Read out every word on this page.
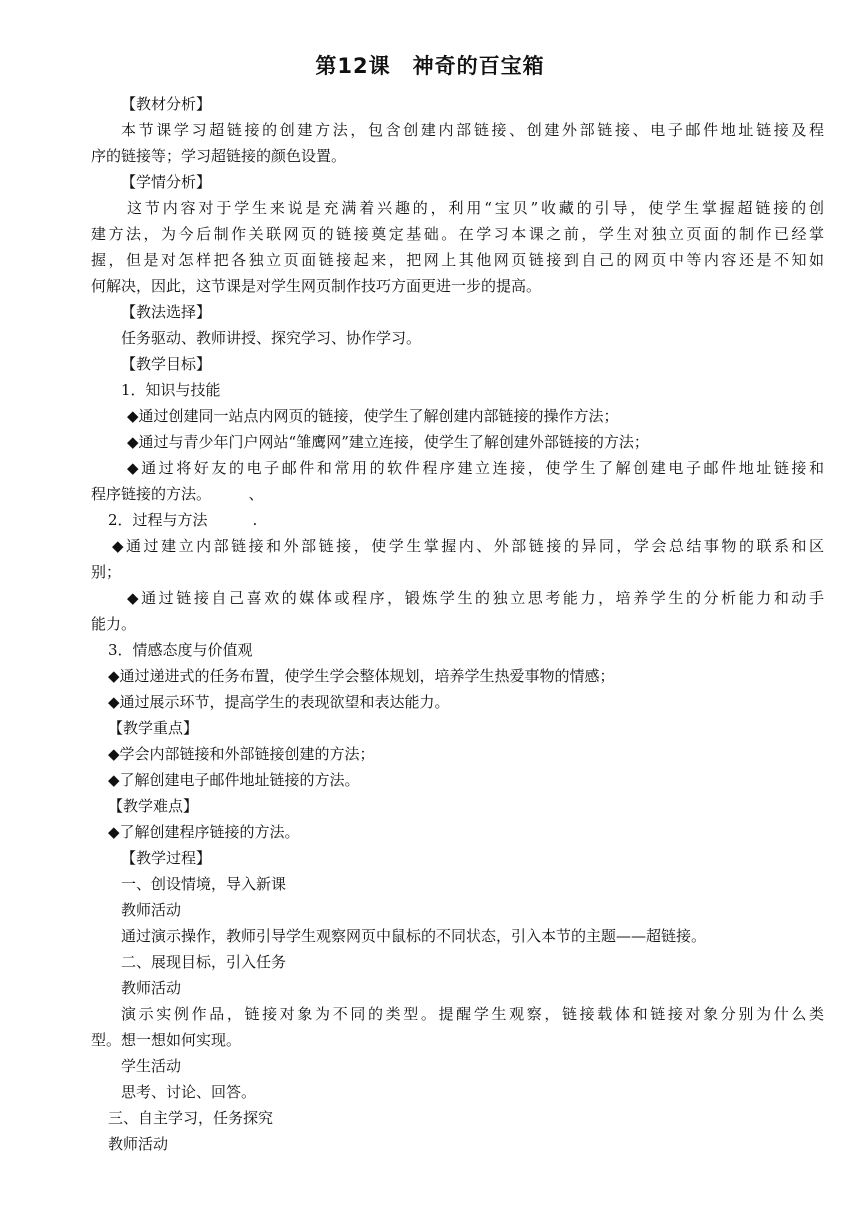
第12课 神奇的百宝箱
【教材分析】
本节课学习超链接的创建方法，包含创建内部链接、创建外部链接、电子邮件地址链接及程
序的链接等；学习超链接的颜色设置。
【学情分析】
这节内容对于学生来说是充满着兴趣的，利用“宝贝”收藏的引导，使学生掌握超链接的创
建方法，为今后制作关联网页的链接奠定基础。在学习本课之前，学生对独立页面的制作已经掌
握，但是对怎样把各独立页面链接起来，把网上其他网页链接到自己的网页中等内容还是不知如
何解决，因此，这节课是对学生网页制作技巧方面更进一步的提高。
【教法选择】
任务驱动、教师讲授、探究学习、协作学习。
【教学目标】
1．知识与技能
◆通过创建同一站点内网页的链接，使学生了解创建内部链接的操作方法；
◆通过与青少年门户网站“雏鹰网”建立连接，使学生了解创建外部链接的方法；
◆通过将好友的电子邮件和常用的软件程序建立连接，使学生了解创建电子邮件地址链接和
程序链接的方法。　　　、
2．过程与方法　　　.
◆通过建立内部链接和外部链接，使学生掌握内、外部链接的异同，学会总结事物的联系和区
别；
◆通过链接自己喜欢的媒体或程序，锻炼学生的独立思考能力，培养学生的分析能力和动手
能力。
3．情感态度与价值观
◆通过递进式的任务布置，使学生学会整体规划，培养学生热爱事物的情感；
◆通过展示环节，提高学生的表现欲望和表达能力。
【教学重点】
◆学会内部链接和外部链接创建的方法；
◆了解创建电子邮件地址链接的方法。
【教学难点】
◆了解创建程序链接的方法。
【教学过程】
一、创设情境，导入新课
教师活动
通过演示操作，教师引导学生观察网页中鼠标的不同状态，引入本节的主题——超链接。
二、展现目标，引入任务
教师活动
演示实例作品，链接对象为不同的类型。提醒学生观察，链接载体和链接对象分别为什么类
型。想一想如何实现。
学生活动
思考、讨论、回答。
三、自主学习，任务探究
教师活动
